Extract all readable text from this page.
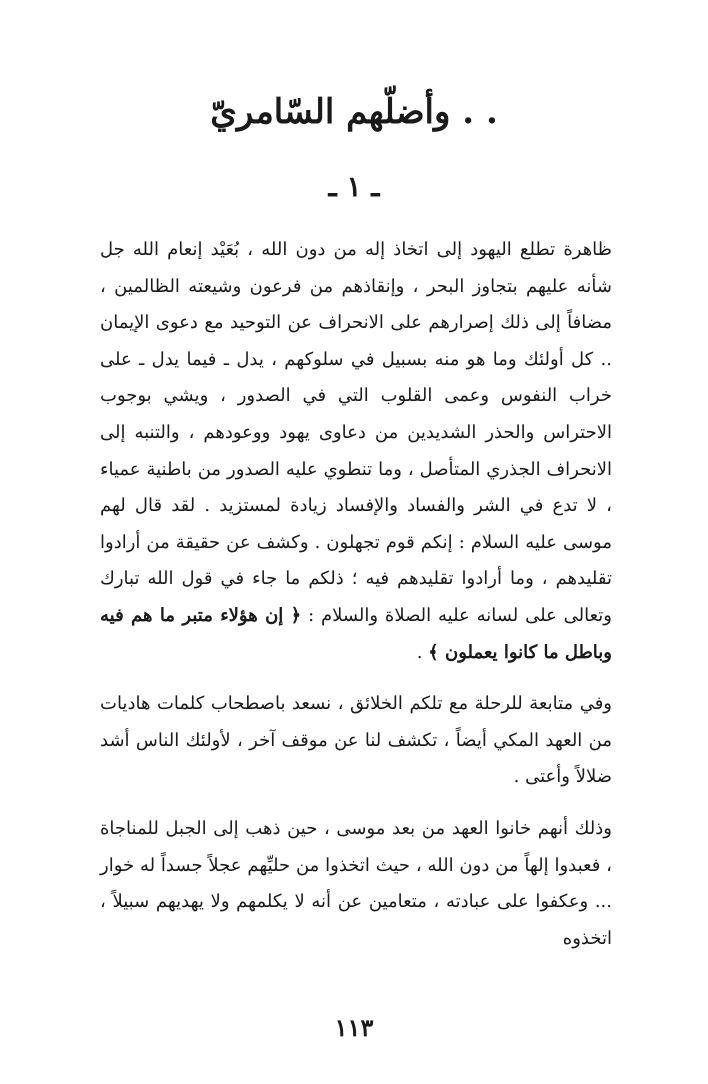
. . وأضلّهم السّامريّ
ـ ١ ـ

ظاهرة تطلع اليهود إلى اتخاذ إله من دون الله ، بُعَيْد إنعام الله جل شأنه عليهم بتجاوز البحر ، وإنقاذهم من فرعون وشيعته الظالمين ، مضافاً إلى ذلك إصرارهم على الانحراف عن التوحيد مع دعوى الإيمان .. كل أولئك وما هو منه بسبيل في سلوكهم ، يدل ـ فيما يدل ـ على خراب النفوس وعمى القلوب التي في الصدور ، ويشي بوجوب الاحتراس والحذر الشديدين من دعاوى يهود ووعودهم ، والتنبه إلى الانحراف الجذري المتأصل ، وما تنطوي عليه الصدور من باطنية عمياء ، لا تدع في الشر والفساد والإفساد زيادة لمستزيد . لقد قال لهم موسى عليه السلام : إنكم قوم تجهلون . وكشف عن حقيقة من أرادوا تقليدهم ، وما أرادوا تقليدهم فيه ؛ ذلكم ما جاء في قول الله تبارك وتعالى على لسانه عليه الصلاة والسلام : ﴿ إن هؤلاء متبر ما هم فيه وباطل ما كانوا يعملون ﴾ .

وفي متابعة للرحلة مع تلكم الخلائق ، نسعد باصطحاب كلمات هاديات من العهد المكي أيضاً ، تكشف لنا عن موقف آخر ، لأولئك الناس أشد ضلالاً وأعتى .

وذلك أنهم خانوا العهد من بعد موسى ، حين ذهب إلى الجبل للمناجاة ، فعبدوا إلهاً من دون الله ، حيث اتخذوا من حليِّهم عجلاً جسداً له خوار ... وعكفوا على عبادته ، متعامين عن أنه لا يكلمهم ولا يهديهم سبيلاً ، اتخذوه

١١٣
